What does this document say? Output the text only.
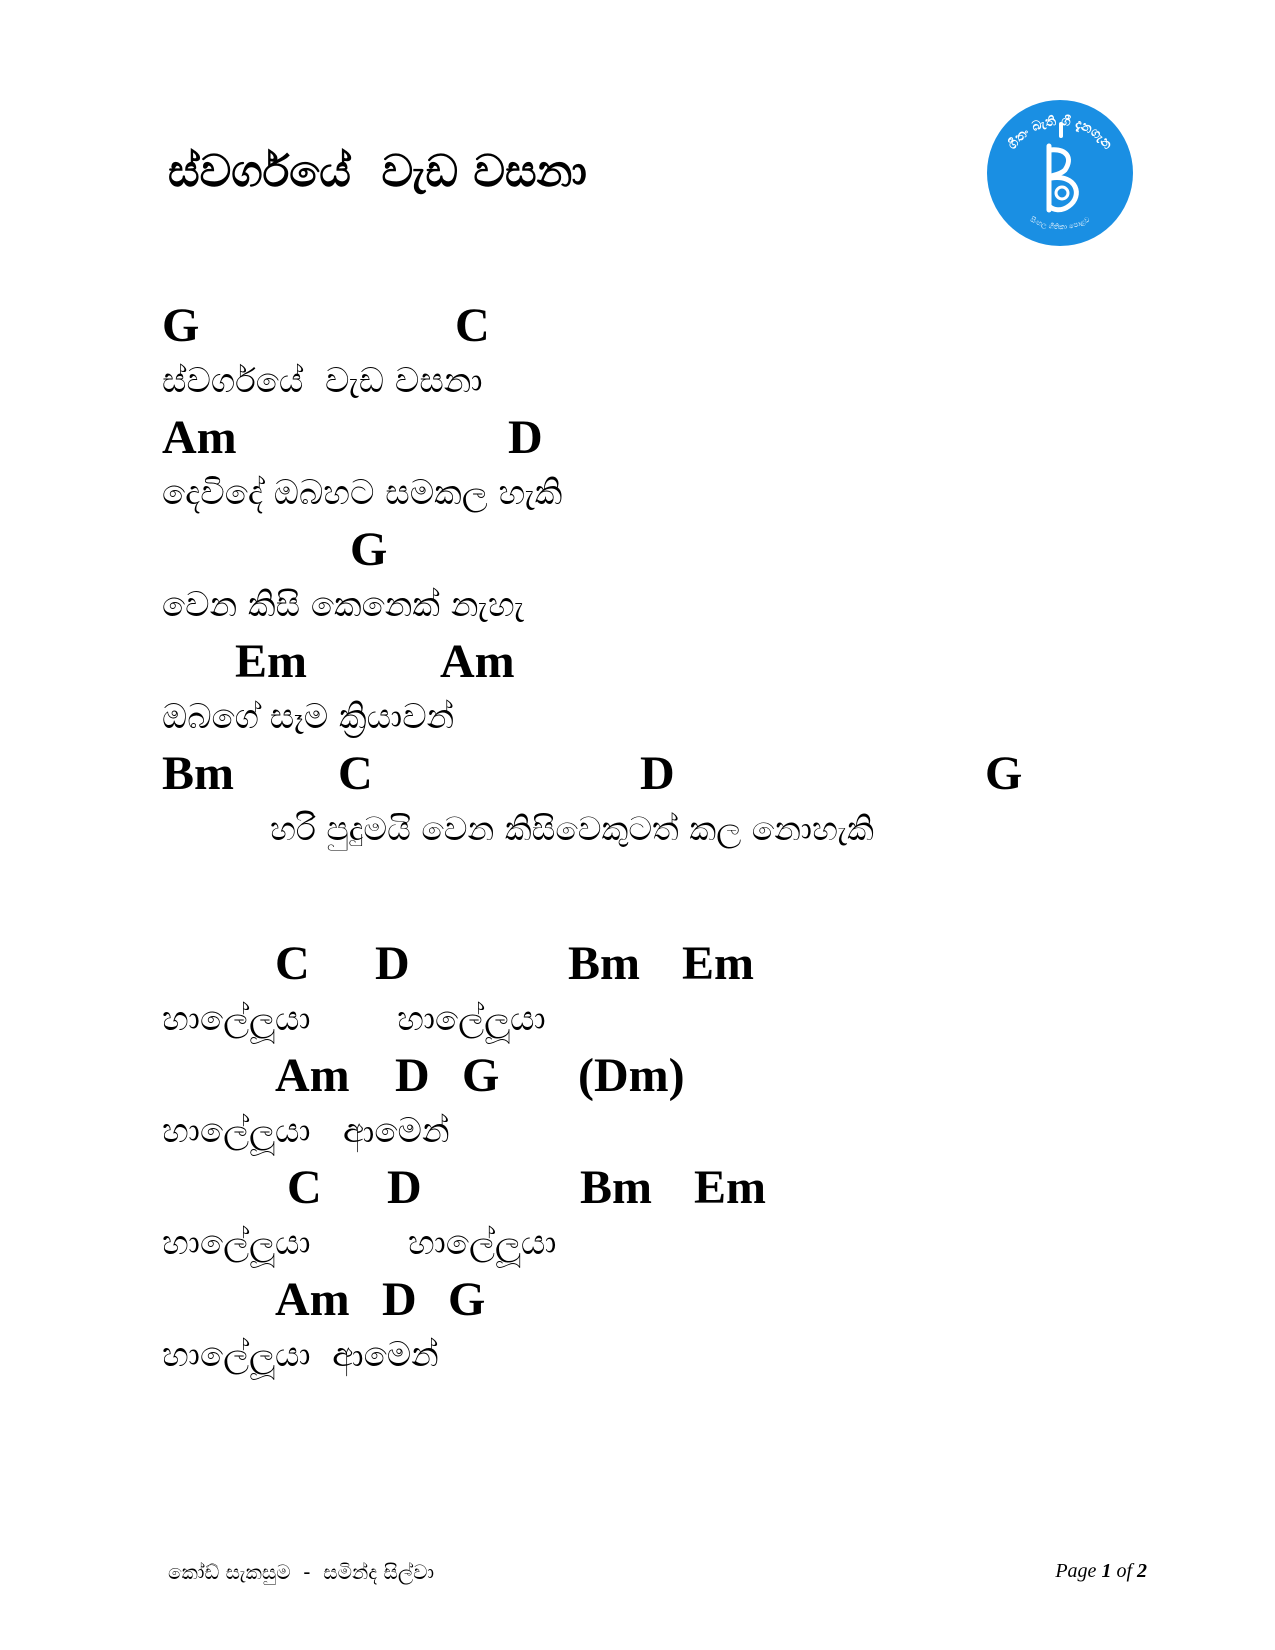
ස්වර්ගයේ  වැඩ වසනා
ගීතං බැති ගී දැනගැන
සිංහල ගීතිකා පොළව

G

	C

ස්වර්ගයේ  වැඩ වසනා

Am

	D

දෙවිදේ ඔබහට සමකල හැකි

G

වෙන කිසි කෙනෙක් නැහැ

Em

	Am

ඔබගේ සෑම ක්‍රියාවන්

Bm

C

	D

	G

හරි පුදුමයි වෙන කිසිවෙකුටත් කල නොහැකි

C

D

	Bm

Em

හාලේලූයා        හාලේලූයා

Am

D

G

(Dm)

හාලේලූයා   ආමෙන්

C

D

	Bm

Em

හාලේලූයා         හාලේලූයා

Am

D

G

හාලේලූයා  ආමෙන්

කෝඩ් සැකසුම  -  සමින්ද සිල්වා	Page 1 of 2
